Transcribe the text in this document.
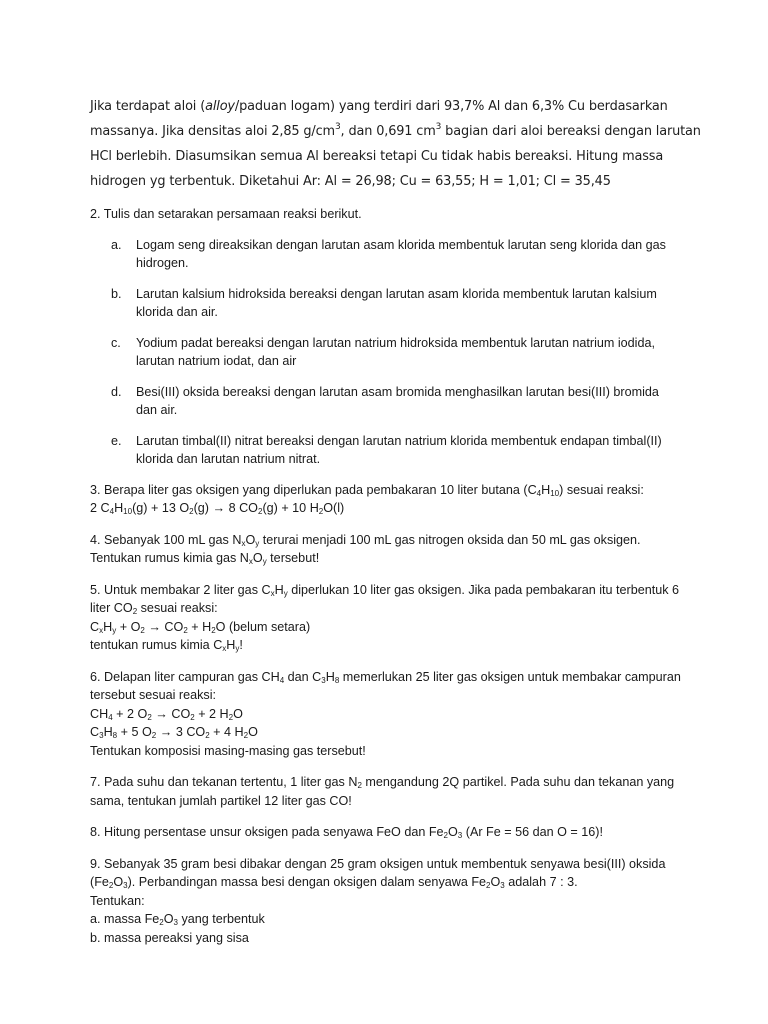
Jika terdapat aloi (alloy/paduan logam) yang terdiri dari 93,7% Al dan 6,3% Cu berdasarkan
massanya. Jika densitas aloi 2,85 $g/cm^3$, dan 0,691 $cm^3$ bagian dari aloi bereaksi dengan larutan
HCl berlebih. Diasumsikan semua Al bereaksi tetapi Cu tidak habis bereaksi. Hitung massa
hidrogen yg terbentuk. Diketahui Ar: Al = 26,98; Cu = 63,55; H = 1,01; Cl = 35,45
2. Tulis dan setarakan persamaan reaksi berikut.
a. Logam seng direaksikan dengan larutan asam klorida membentuk larutan seng klorida dan gas
hidrogen.
b. Larutan kalsium hidroksida bereaksi dengan larutan asam klorida membentuk larutan kalsium
klorida dan air.
c. Yodium padat bereaksi dengan larutan natrium hidroksida membentuk larutan natrium iodida,
larutan natrium iodat, dan air
d. Besi(III) oksida bereaksi dengan larutan asam bromida menghasilkan larutan besi(III) bromida
dan air.
e. Larutan timbal(II) nitrat bereaksi dengan larutan natrium klorida membentuk endapan timbal(II)
klorida dan larutan natrium nitrat.
3. Berapa liter gas oksigen yang diperlukan pada pembakaran 10 liter butana $(C_4H_{10})$ sesuai reaksi:
2 $C_4H_{10}(g) + 13$ $O_2(g) \to 8$ $CO_2(g) + 10$ $H_2O(l)$
4. Sebanyak 100 mL gas $N_xO_y$ terurai menjadi 100 mL gas nitrogen oksida dan 50 mL gas oksigen.
Tentukan rumus kimia gas $N_xO_y$ tersebut!
5. Untuk membakar 2 liter gas $C_xH_y$ diperlukan 10 liter gas oksigen. Jika pada pembakaran itu terbentuk 6
liter $CO_2$ sesuai reaksi:
$C_xH_y + O_2 \to CO_2 + H_2O$ (belum setara)
tentukan rumus kimia $C_xH_y$!
6. Delapan liter campuran gas $CH_4$ dan $C_3H_8$ memerlukan 25 liter gas oksigen untuk membakar campuran
tersebut sesuai reaksi:
$CH_4 + 2$ $O_2 \to CO_2 + 2$ $H_2O$
$C_3H_8 + 5$ $O_2 \to 3$ $CO_2 + 4$ $H_2O$
Tentukan komposisi masing-masing gas tersebut!
7. Pada suhu dan tekanan tertentu, 1 liter gas $N_2$ mengandung 2Q partikel. Pada suhu dan tekanan yang
sama, tentukan jumlah partikel 12 liter gas CO!
8. Hitung persentase unsur oksigen pada senyawa FeO dan $Fe_2O_3$ (Ar Fe = 56 dan O = 16)!
9. Sebanyak 35 gram besi dibakar dengan 25 gram oksigen untuk membentuk senyawa besi(III) oksida
$(Fe_2O_3)$. Perbandingan massa besi dengan oksigen dalam senyawa $Fe_2O_3$ adalah 7 : 3.
Tentukan:
a. massa $Fe_2O_3$ yang terbentuk
b. massa pereaksi yang sisa
